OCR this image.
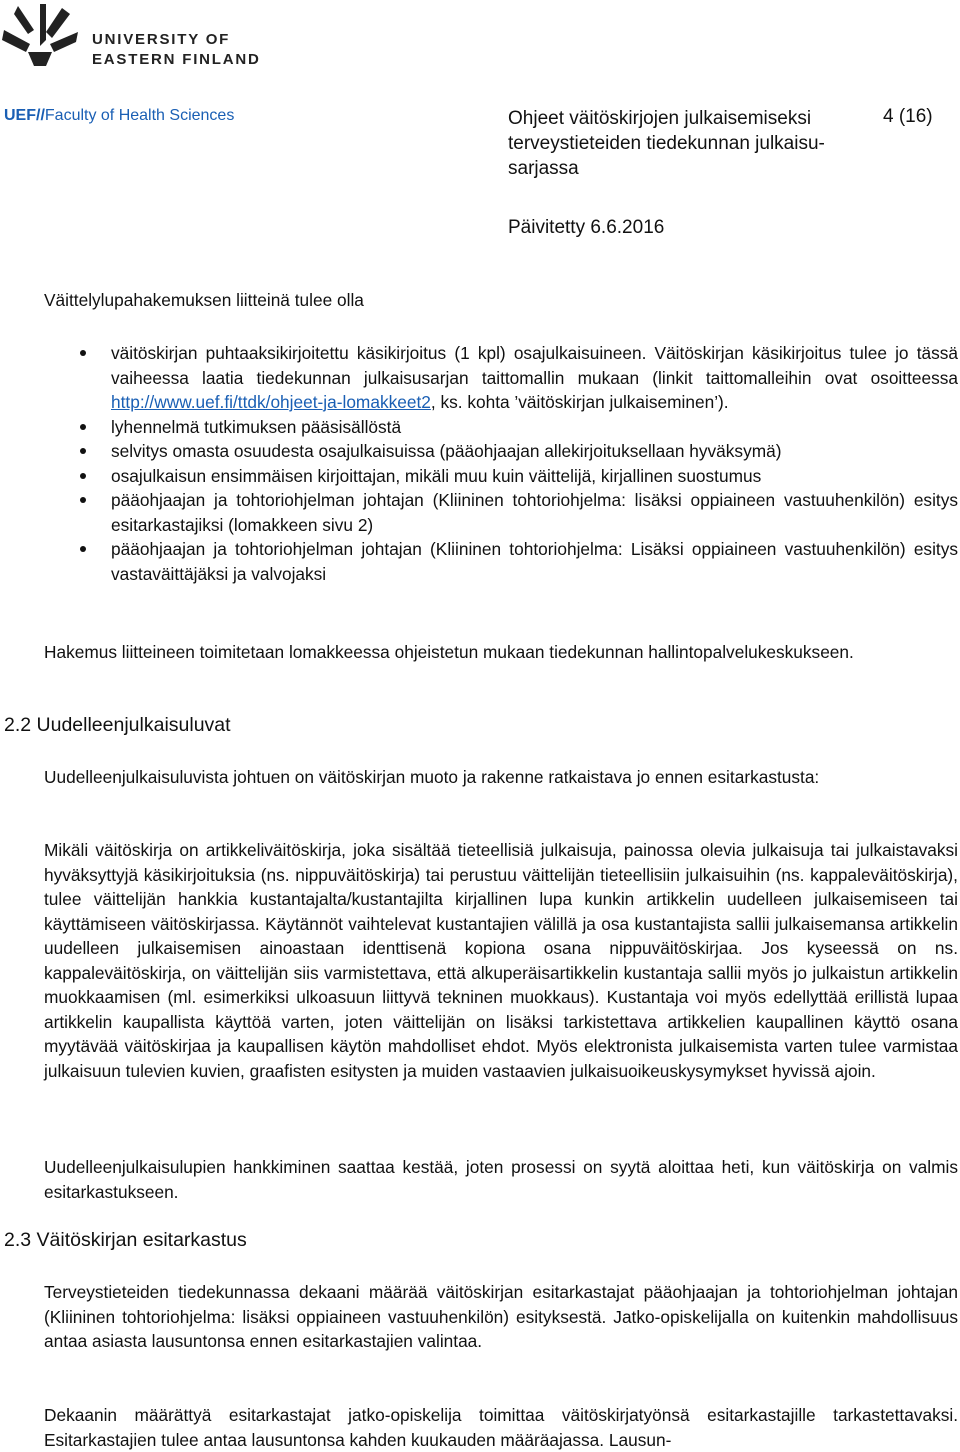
UNIVERSITY OF
EASTERN FINLAND
UEF//Faculty of Health Sciences	Ohjeet väitöskirjojen julkaisemiseksi terveystieteiden tiedekunnan julkaisu-sarjassa
4 (16)
Päivitetty 6.6.2016

Väittelylupahakemuksen liitteinä tulee olla

väitöskirjan puhtaaksikirjoitettu käsikirjoitus (1 kpl) osajulkaisuineen. Väitöskirjan käsikirjoitus tulee jo tässä vaiheessa laatia tiedekunnan julkaisusarjan taittomallin mukaan (linkit taittomalleihin ovat osoitteessa http://www.uef.fi/ttdk/ohjeet-ja-lomakkeet2, ks. kohta ’väitöskirjan julkaiseminen’).
lyhennelmä tutkimuksen pääsisällöstä
selvitys omasta osuudesta osajulkaisuissa (pääohjaajan allekirjoituksellaan hyväksymä)
osajulkaisun ensimmäisen kirjoittajan, mikäli muu kuin väittelijä, kirjallinen suostumus
pääohjaajan ja tohtoriohjelman johtajan (Kliininen tohtoriohjelma: lisäksi oppiaineen vastuuhenkilön) esitys esitarkastajiksi (lomakkeen sivu 2)
pääohjaajan ja tohtoriohjelman johtajan (Kliininen tohtoriohjelma: Lisäksi oppiaineen vastuuhenkilön) esitys vastaväittäjäksi ja valvojaksi

Hakemus liitteineen toimitetaan lomakkeessa ohjeistetun mukaan tiedekunnan hallintopalvelukeskukseen.

2.2 Uudelleenjulkaisuluvat

Uudelleenjulkaisuluvista johtuen on väitöskirjan muoto ja rakenne ratkaistava jo ennen esitarkastusta:

Mikäli väitöskirja on artikkeliväitöskirja, joka sisältää tieteellisiä julkaisuja, painossa olevia julkaisuja tai julkaistavaksi hyväksyttyjä käsikirjoituksia (ns. nippuväitöskirja) tai perustuu väittelijän tieteellisiin julkaisuihin (ns. kappaleväitöskirja), tulee väittelijän hankkia kustantajalta/kustantajilta kirjallinen lupa kunkin artikkelin uudelleen julkaisemiseen tai käyttämiseen väitöskirjassa. Käytännöt vaihtelevat kustantajien välillä ja osa kustantajista sallii julkaisemansa artikkelin uudelleen julkaisemisen ainoastaan identtisenä kopiona osana nippuväitöskirjaa. Jos kyseessä on ns. kappaleväitöskirja, on väittelijän siis varmistettava, että alkuperäisartikkelin kustantaja sallii myös jo julkaistun artikkelin muokkaamisen (ml. esimerkiksi ulkoasuun liittyvä tekninen muokkaus). Kustantaja voi myös edellyttää erillistä lupaa artikkelin kaupallista käyttöä varten, joten väittelijän on lisäksi tarkistettava artikkelien kaupallinen käyttö osana myytävää väitöskirjaa ja kaupallisen käytön mahdolliset ehdot. Myös elektronista julkaisemista varten tulee varmistaa julkaisuun tulevien kuvien, graafisten esitysten ja muiden vastaavien julkaisuoikeuskysymykset hyvissä ajoin.

Uudelleenjulkaisulupien hankkiminen saattaa kestää, joten prosessi on syytä aloittaa heti, kun väitöskirja on valmis esitarkastukseen.

2.3 Väitöskirjan esitarkastus

Terveystieteiden tiedekunnassa dekaani määrää väitöskirjan esitarkastajat pääohjaajan ja tohtoriohjelman johtajan (Kliininen tohtoriohjelma: lisäksi oppiaineen vastuuhenkilön) esityksestä. Jatko-opiskelijalla on kuitenkin mahdollisuus antaa asiasta lausuntonsa ennen esitarkastajien valintaa.

Dekaanin määrättyä esitarkastajat jatko-opiskelija toimittaa väitöskirjatyönsä esitarkastajille tarkastettavaksi. Esitarkastajien tulee antaa lausuntonsa kahden kuukauden määräajassa. Lausun-
